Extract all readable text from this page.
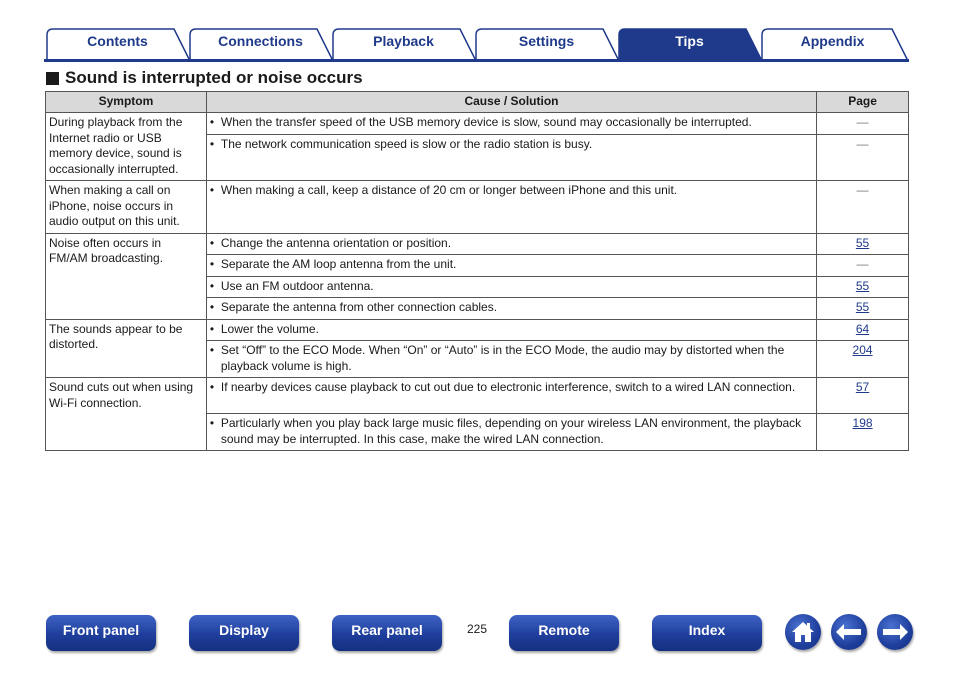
Contents	Connections	Playback	Settings	Tips	Appendix
Sound is interrupted or noise occurs
Symptom	Cause / Solution	Page
During playback from the Internet radio or USB memory device, sound is occasionally interrupted.	• When the transfer speed of the USB memory device is slow, sound may occasionally be interrupted.	—

	• The network communication speed is slow or the radio station is busy.	—
When making a call on iPhone, noise occurs in audio output on this unit.	• When making a call, keep a distance of 20 cm or longer between iPhone and this unit.	—
Noise often occurs in FM/AM broadcasting.	• Change the antenna orientation or position.	55

	• Separate the AM loop antenna from the unit.	—

	• Use an FM outdoor antenna.	55

	• Separate the antenna from other connection cables.	55
The sounds appear to be distorted.	• Lower the volume.	64

	• Set “Off” to the ECO Mode. When “On” or “Auto” is in the ECO Mode, the audio may by distorted when the playback volume is high.	204
Sound cuts out when using Wi-Fi connection.	• If nearby devices cause playback to cut out due to electronic interference, switch to a wired LAN connection.	57

	• Particularly when you play back large music files, depending on your wireless LAN environment, the playback sound may be interrupted. In this case, make the wired LAN connection.	198
Front panel	Display	Rear panel	225	Remote	Index
